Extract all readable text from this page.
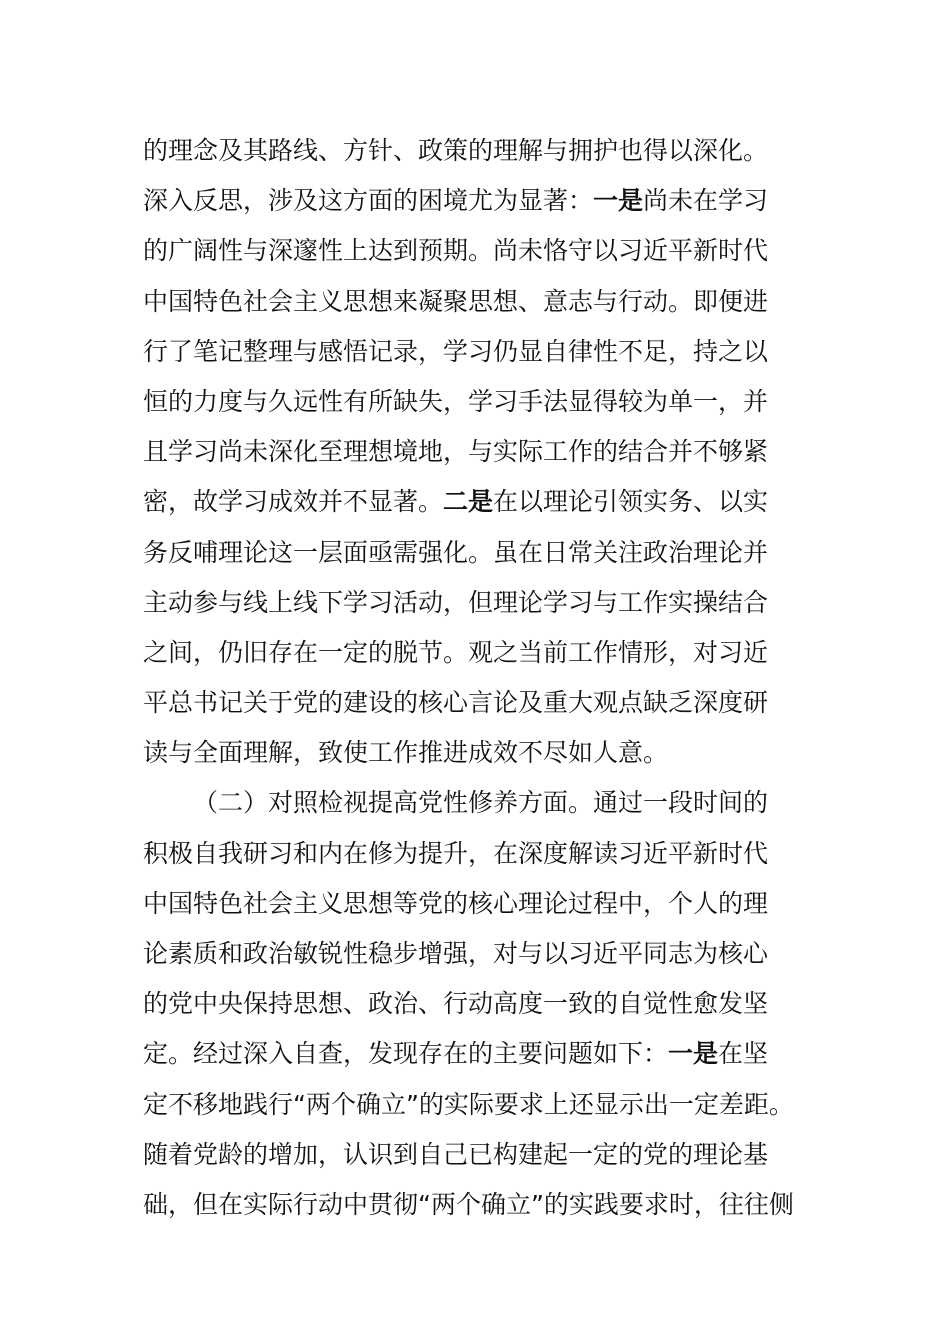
的理念及其路线、方针、政策的理解与拥护也得以深化。
深入反思，涉及这方面的困境尤为显著：一是尚未在学习
的广阔性与深邃性上达到预期。尚未恪守以习近平新时代
中国特色社会主义思想来凝聚思想、意志与行动。即便进
行了笔记整理与感悟记录，学习仍显自律性不足，持之以
恒的力度与久远性有所缺失，学习手法显得较为单一，并
且学习尚未深化至理想境地，与实际工作的结合并不够紧
密，故学习成效并不显著。二是在以理论引领实务、以实
务反哺理论这一层面亟需强化。虽在日常关注政治理论并
主动参与线上线下学习活动，但理论学习与工作实操结合
之间，仍旧存在一定的脱节。观之当前工作情形，对习近
平总书记关于党的建设的核心言论及重大观点缺乏深度研
读与全面理解，致使工作推进成效不尽如人意。
（二）对照检视提高党性修养方面。通过一段时间的
积极自我研习和内在修为提升，在深度解读习近平新时代
中国特色社会主义思想等党的核心理论过程中，个人的理
论素质和政治敏锐性稳步增强，对与以习近平同志为核心
的党中央保持思想、政治、行动高度一致的自觉性愈发坚
定。经过深入自查，发现存在的主要问题如下：一是在坚
定不移地践行“两个确立”的实际要求上还显示出一定差距。
随着党龄的增加，认识到自己已构建起一定的党的理论基
础，但在实际行动中贯彻“两个确立”的实践要求时，往往侧
